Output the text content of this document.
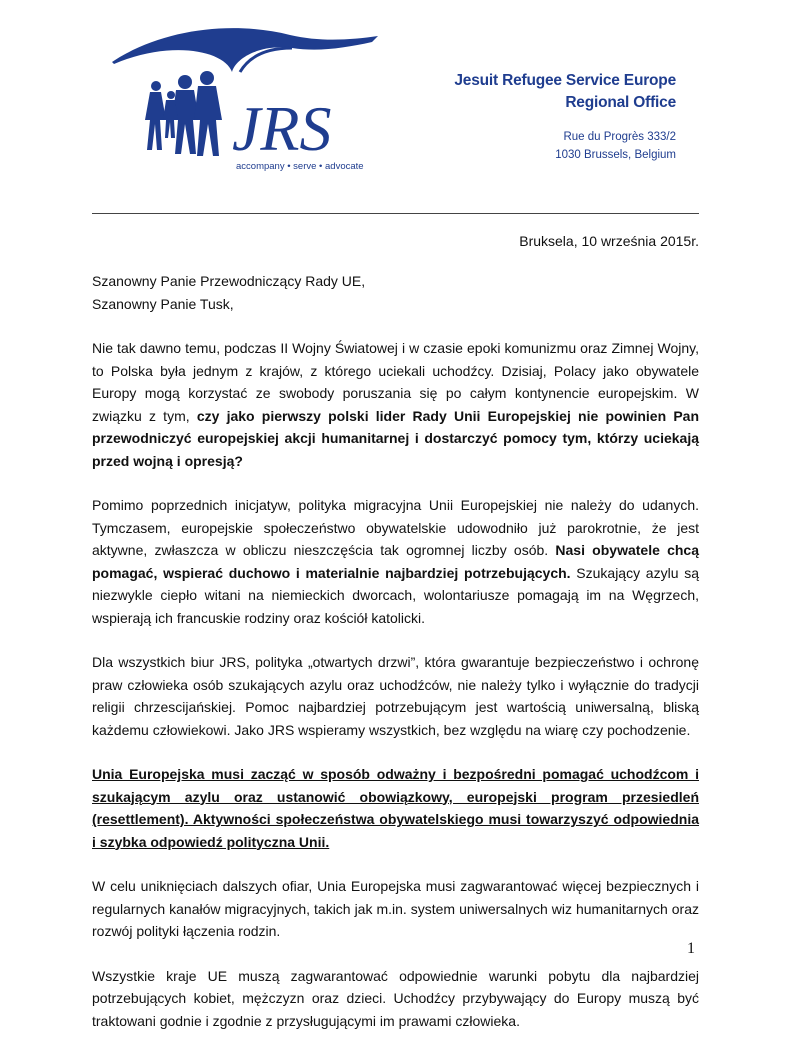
JRS
accompany • serve • advocate
Jesuit Refugee Service Europe
Regional Office
Rue du Progrès 333/2
1030 Brussels, Belgium
Bruksela, 10 września 2015r.
Szanowny Panie Przewodniczący Rady UE,
Szanowny Panie Tusk,

Nie tak dawno temu, podczas II Wojny Światowej i w czasie epoki komunizmu oraz Zimnej Wojny, to Polska była jednym z krajów, z którego uciekali uchodźcy. Dzisiaj, Polacy jako obywatele Europy mogą korzystać ze swobody poruszania się po całym kontynencie europejskim. W związku z tym, czy jako pierwszy polski lider Rady Unii Europejskiej nie powinien Pan przewodniczyć europejskiej akcji humanitarnej i dostarczyć pomocy tym, którzy uciekają przed wojną i opresją?

Pomimo poprzednich inicjatyw, polityka migracyjna Unii Europejskiej nie należy do udanych. Tymczasem, europejskie społeczeństwo obywatelskie udowodniło już parokrotnie, że jest aktywne, zwłaszcza w obliczu nieszczęścia tak ogromnej liczby osób. Nasi obywatele chcą pomagać, wspierać duchowo i materialnie najbardziej potrzebujących. Szukający azylu są niezwykle ciepło witani na niemieckich dworcach, wolontariusze pomagają im na Węgrzech, wspierają ich francuskie rodziny oraz kościół katolicki.

Dla wszystkich biur JRS, polityka „otwartych drzwi”, która gwarantuje bezpieczeństwo i ochronę praw człowieka osób szukających azylu oraz uchodźców, nie należy tylko i wyłącznie do tradycji religii chrzescijańskiej. Pomoc najbardziej potrzebującym jest wartością uniwersalną, bliską każdemu człowiekowi. Jako JRS wspieramy wszystkich, bez względu na wiarę czy pochodzenie.

Unia Europejska musi zacząć w sposób odważny i bezpośredni pomagać uchodźcom i szukającym azylu oraz ustanowić obowiązkowy, europejski program przesiedleń (resettlement). Aktywności społeczeństwa obywatelskiego musi towarzyszyć odpowiednia i szybka odpowiedź polityczna Unii.

W celu uniknięciach dalszych ofiar, Unia Europejska musi zagwarantować więcej bezpiecznych i regularnych kanałów migracyjnych, takich jak m.in. system uniwersalnych wiz humanitarnych oraz rozwój polityki łączenia rodzin.

Wszystkie kraje UE muszą zagwarantować odpowiednie warunki pobytu dla najbardziej potrzebujących kobiet, mężczyzn oraz dzieci. Uchodźcy przybywający do Europy muszą być traktowani godnie i zgodnie z przysługującymi im prawami człowieka.

1
